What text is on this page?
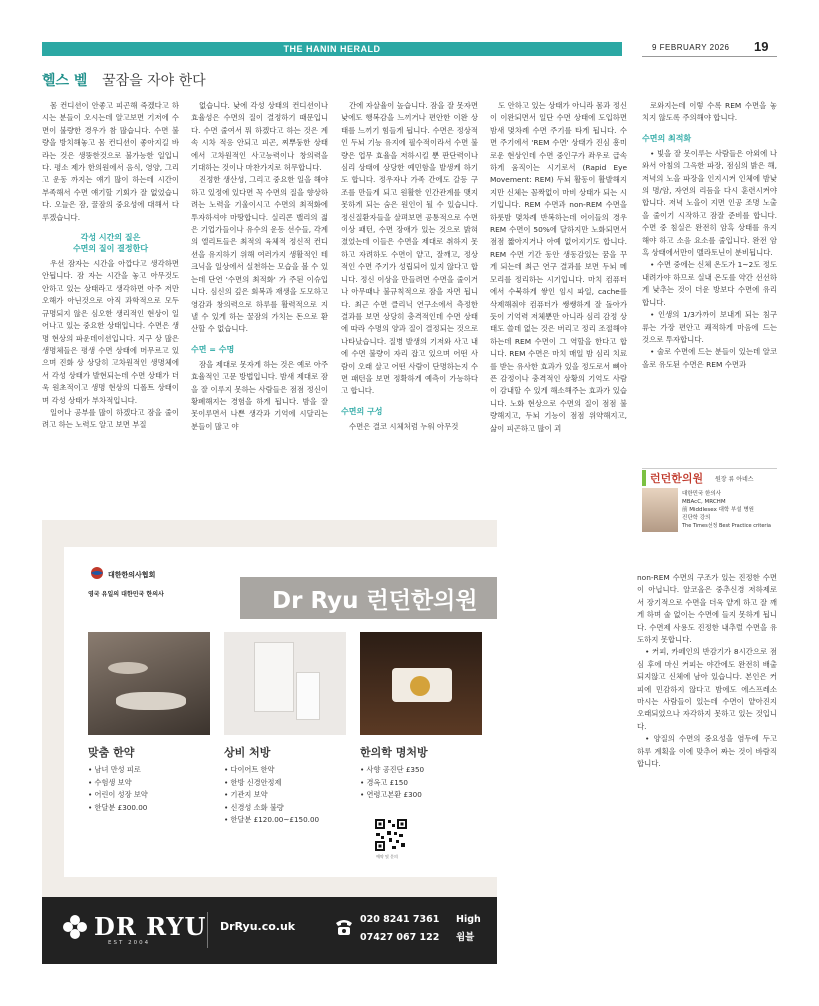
THE HANIN HERALD	9 FEBRUARY 2026 19
헬스 벨 꿀잠을 자야 한다

몸 컨디션이 안좋고 피곤해 죽겠다고 하시는 분들이 오시는데 알고보면 기저에 수면이 불량한 경우가 참 많습니다. 수면 불량을 방치해놓고 몸 컨디션이 좋아지길 바라는 것은 생뚱한것으로 불가능한 일입니다. 평소 제가 한의원에서 음식, 영양, 그리고 운동 까지는 얘기 많이 하는데 시간이 부족해서 수면 얘기할 기회가 잘 없었습니다. 오늘은 잠, 꿀잠의 중요성에 대해서 다루겠습니다.

각성 시간의 질은
수면의 질이 결정한다

우선 잠자는 시간을 아깝다고 생각하면 안됩니다. 잠 자는 시간을 놓고 아무것도 안하고 있는 상태라고 생각하면 아주 저만 오해가 아닌것으로 아직 과학적으로 모두 규명되지 않은 심오한 생리적인 현상이 일어나고 있는 중요한 상태입니다. 수면은 생명 현상의 파운데이션입니다. 지구 상 많은 생명체들은 평생 수면 상태에 머무르고 있으며 진화 상 상당히 고차원적인 생명체에서 각성 상태가 발현되는데 수면 상태가 더욱 원초적이고 생명 현상의 디폴트 상태이며 각성 상태가 부차적입니다.

일어나 공부를 많이 하겠다고 잠을 줄이려고 하는 노력도 알고 보면 부질

없습니다. 낮에 각성 상태의 컨디션이나 효율성은 수면의 질이 결정하기 때문입니다. 수면 줄여서 뭐 하겠다고 하는 것은 계속 시차 적응 안되고 피곤, 찌뿌둥한 상태에서 고차원적인 사고능력이나 창의력을 기대하는 것이나 마찬가지로 허무합니다.

진정한 생산성, 그리고 중요한 일을 해야 하고 있정에 있다면 꼭 수면의 질을 향상하려는 노력을 기울이시고 수면의 최적화에 투자하셔야 마땅합니다. 실리콘 밸리의 젊은 기업가들이나 유수의 운동 선수들, 각계의 엘리트들은 최적의 육체적 정신적 컨디션을 유지하기 위해 여러가지 생활적인 테크닉을 일상에서 실천하는 모습을 볼 수 있는데 단연 '수면의 최적화' 가 주된 이슈입니다. 심신의 깊은 회복과 재생을 도모하고 영감과 창의력으로 하루를 활력적으로 지낼 수 있게 하는 꿀잠의 가치는 돈으로 환산할 수 없습니다.

수면 = 수명

잠을 제대로 못자게 하는 것은 예로 아주 효율적인 고문 방법입니다. 밤새 제대로 잠을 잘 이루지 못하는 사람들은 점점 정신이 황폐해지는 경험을 하게 됩니다. 밤을 잘 못이루면서 나쁜 생각과 기억에 시달리는 분들이 많고 야

간에 자살율이 높습니다. 잠을 잘 못자면 낮에도 행복감을 느끼거나 편안한 이완 상태를 느끼기 힘들게 됩니다. 수면은 정상적인 두뇌 기능 유지에 필수적이라서 수면 불량은 업무 효율을 저하시킬 뿐 판단력이나 심리 상태에 상당한 예민함을 발생케 하기도 합니다. 정우자나 가족 간에도 갈등 구조를 만들게 되고 원활한 인간관계를 맺지 못하게 되는 숨은 원인이 될 수 있습니다. 정신질환자들을 살펴보면 공통적으로 수면 이상 패턴, 수면 장애가 있는 것으로 밝혀졌었는데 이들은 수면을 제대로 취하지 못하고 자려하도 수면이 얕고, 잘깨고, 정상적인 수면 주기가 성립되어 있지 않다고 합니다. 정신 이상을 만들려면 수면을 줄이거나 아무때나 불규칙적으로 잠을 자면 됩니다. 최근 수면 클리닉 연구소에서 측정한 결과를 보면 상당히 충격적인데 수면 상태에 따라 수명의 양과 질이 결정되는 것으로 나타났습니다. 질병 발생의 기저와 사고 내에 수면 불량이 자리 잡고 있으며 어떤 사람이 오래 살고 어떤 사람이 단명하는지 수면 패턴을 보면 정확하게 예측이 가능하다고 합니다.

수면의 구성

수면은 결코 시체처럼 누워 아무것

도 안하고 있는 상태가 아니라 몸과 정신이 이완되면서 일단 수면 상태에 도입하면 밤새 몇차례 수면 주기를 타게 됩니다. 수면 주기에서 'REM 수면' 상태가 진심 흥미로운 현상인데 수면 중인구가 좌우로 급속하게 움직이는 시기로서 (Rapid Eye Movement: REM) 두뇌 활동이 활발해지지만 신체는 꼼짝없이 마비 상태가 되는 시기입니다. REM 수면과 non-REM 수면을 하룻밤 몇차례 반복하는데 어이들의 경우 REM 수면이 50%에 달하지만 노화되면서 점점 짧아지거나 아예 없어지기도 합니다. REM 수면 기간 동안 생동감있는 꿈을 꾸게 되는데 최근 연구 결과를 보면 두뇌 메모리를 정리하는 시기입니다. 마치 컴퓨터에서 수북하게 쌓인 임시 파일, cache를 삭제해줘야 컴퓨터가 쌩쌩하게 잘 돌아가듯이 기억력 저체뿐만 아니라 심리 감정 상태도 쓸데 없는 것은 버리고 정리 조절해야 하는데 REM 수면이 그 역할을 한다고 합니다. REM 수면은 마치 매일 밤 심리 치료를 받는 유사한 효과가 있을 정도로서 뼈아픈 감정이나 충격적인 상황의 기억도 사람이 감내할 수 있게 해소해주는 효과가 있습니다. 노화 현상으로 수면의 질이 점점 불량해지고, 두뇌 기능이 점점 위약해지고, 삶이 피곤하고 많이 괴

로와지는데 이렇 수록 REM 수면을 놓치지 않도록 주의해야 합니다.

수면의 최적화

• 빛을 잘 못이루는 사람들은 아외에 나와서 아침의 그윽한 파장, 점심의 밝은 해, 저녁의 노을 파장을 인지시켜 인체에 밤낮의 명/암, 자연의 리듬을 다시 훈련시켜야 합니다. 저녁 노을이 지면 인공 조명 노출을 줄이기 시작하고 잠잘 준비를 합니다. 수면 중 침실은 완전히 암흑 상태를 유지해야 하고 소음 요소를 줄입니다. 완전 암흑 상태에서만이 멜라토닌이 분비됩니다.

• 수면 중에는 신체 온도가 1~2도 정도 내려가야 하므로 실내 온도를 약간 선선하게 낮추는 것이 더운 방보다 수면에 유리합니다.

• 인생의 1/3가까이 보내게 되는 침구류는 가장 편안고 쾌적하게 마음에 드는 것으로 투자합니다.

• 술로 수면에 드는 분들이 있는데 알코올로 유도된 수면은 REM 수면과

런던한의원 원장 류 아네스
대한민국 한의사
MBAcC, MRCHM
前 Middlesex 대학 부설 병원
진단학 강의
The Times선정 Best Practice criteria

non-REM 수면의 구조가 있는 진정한 수면이 아닙니다. 알코올은 중추신경 저하제로서 장기적으로 수면을 더욱 얕게 하고 잘 깨게 하며 술 없이는 수면에 들지 못하게 됩니다. 수면제 사용도 진정한 내추럴 수면을 유도하지 못합니다.

• 커피, 카페인의 반감기가 8시간으로 점심 후에 마신 커피는 야간에도 완전히 배출되지않고 신체에 남아 있습니다. 본인은 커피에 민감하지 않다고 밤에도 에스프레소 마시는 사람들이 있는데 수면이 얕아진지 오래되었으나 자각하지 못하고 있는 것입니다.

• 양질의 수면의 중요성을 염두에 두고 하루 계획을 이에 맞추어 짜는 것이 바람직합니다.

대한한의사협회
영국 유일의 대한민국 한의사	Dr Ryu 런던한의원
맞춤 한약
• 남녀 만성 피로
• 수험생 보약
• 어린이 성장 보약
• 한달분 £300.00
상비 처방
• 다이어트 한약
• 한방 신경안정제
• 기관지 보약
• 신경성 소화 불량
• 한달분 £120.00~£150.00
한의학 명처방
• 사향 공진단 £350
• 경옥고 £150
• 연령고본환 £300
예약 및 문의
DR RYU
EST 2004
DrRyu.co.uk
020 8241 7361
07427 067 122
High
윔블
